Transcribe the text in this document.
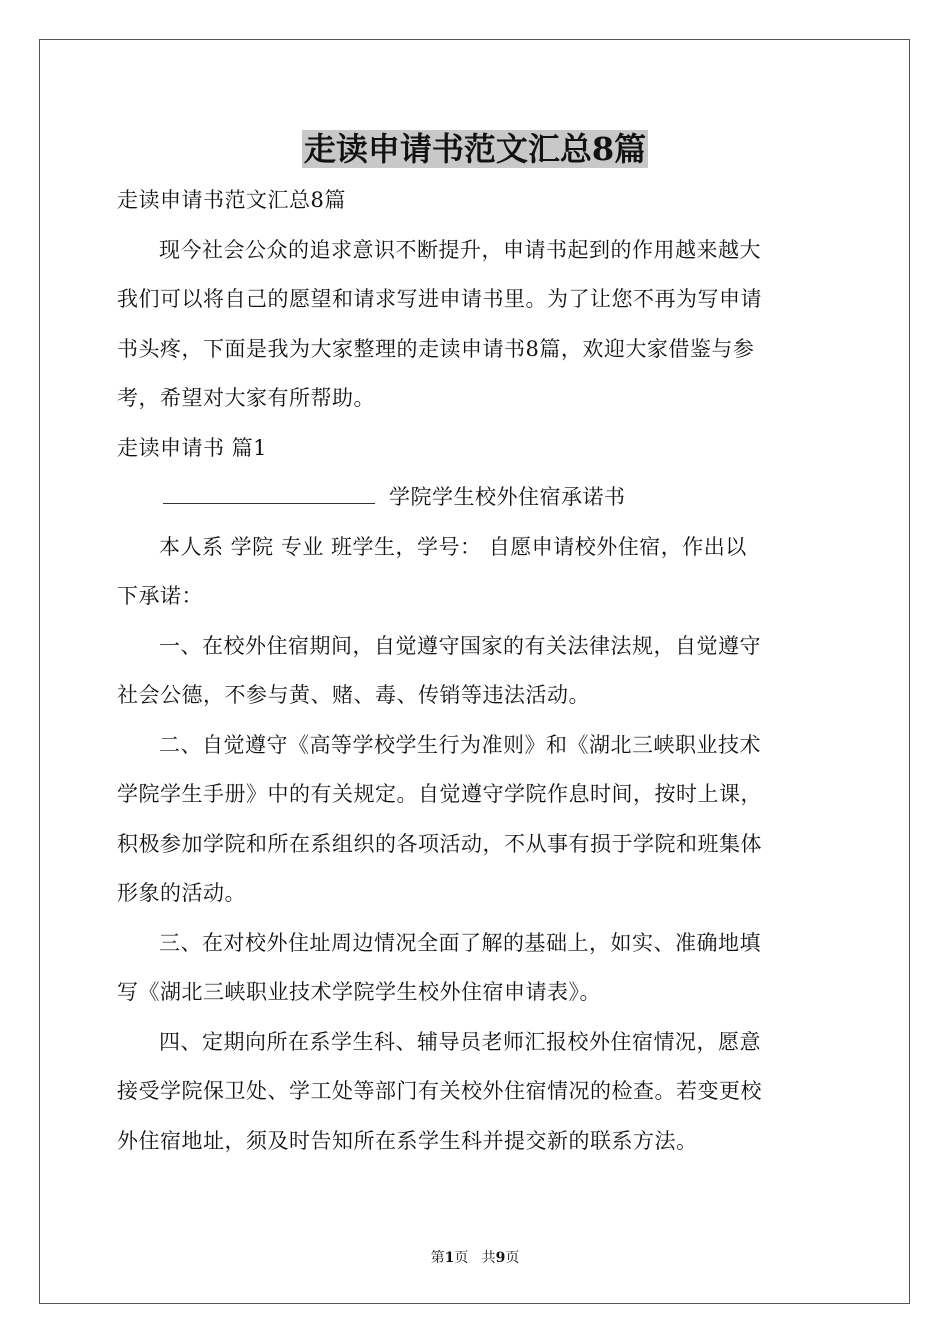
走读申请书范文汇总8篇

走读申请书范文汇总8篇

现今社会公众的追求意识不断提升，申请书起到的作用越来越大

我们可以将自己的愿望和请求写进申请书里。为了让您不再为写申请

书头疼，下面是我为大家整理的走读申请书8篇，欢迎大家借鉴与参

考，希望对大家有所帮助。

走读申请书 篇1

学院学生校外住宿承诺书

本人系 学院 专业 班学生，学号： 自愿申请校外住宿，作出以

下承诺：

一、在校外住宿期间，自觉遵守国家的有关法律法规，自觉遵守

社会公德，不参与黄、赌、毒、传销等违法活动。

二、自觉遵守《高等学校学生行为准则》和《湖北三峡职业技术

学院学生手册》中的有关规定。自觉遵守学院作息时间，按时上课，

积极参加学院和所在系组织的各项活动，不从事有损于学院和班集体

形象的活动。

三、在对校外住址周边情况全面了解的基础上，如实、准确地填

写《湖北三峡职业技术学院学生校外住宿申请表》。

四、定期向所在系学生科、辅导员老师汇报校外住宿情况，愿意

接受学院保卫处、学工处等部门有关校外住宿情况的检查。若变更校

外住宿地址，须及时告知所在系学生科并提交新的联系方法。

第1页 共9页
